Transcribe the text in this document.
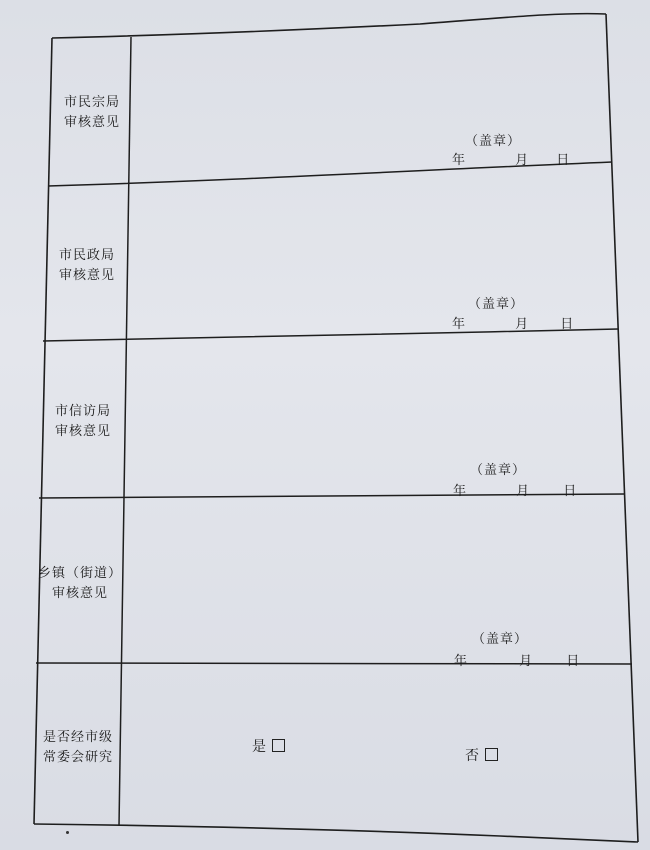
市民宗局
审核意见
（盖章）
年	月 日
市民政局
审核意见
（盖章）
年	月 日
市信访局
审核意见
（盖章）
年	月	日
乡镇（街道）
审核意见
（盖章）
年	月	日
是否经市级
常委会研究
是
否
